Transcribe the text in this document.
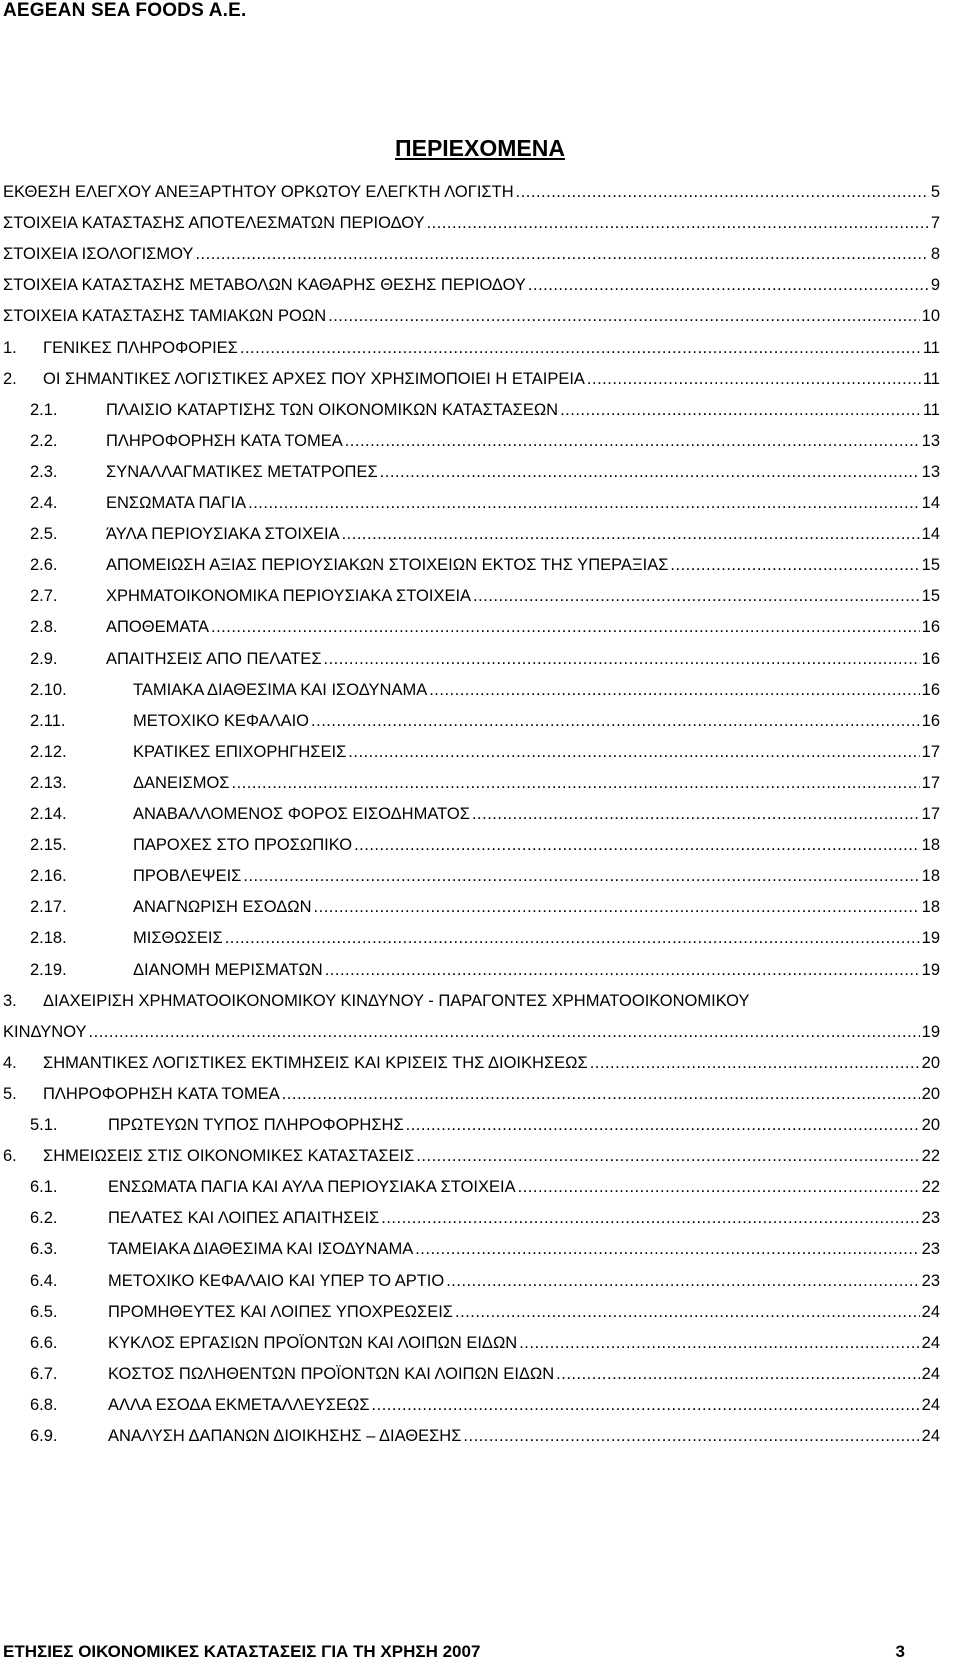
AEGEAN SEA FOODS A.E.
ΠΕΡΙΕΧΟΜΕΝΑ
ΕΚΘΕΣΗ ΕΛΕΓΧΟΥ ΑΝΕΞΑΡΤΗΤΟΥ ΟΡΚΩΤΟΥ ΕΛΕΓΚΤΗ ΛΟΓΙΣΤΗ .....	5
ΣΤΟΙΧΕΙΑ ΚΑΤΑΣΤΑΣΗΣ ΑΠΟΤΕΛΕΣΜΑΤΩΝ ΠΕΡΙΟΔΟΥ .....	7
ΣΤΟΙΧΕΙΑ ΙΣΟΛΟΓΙΣΜΟΥ .....	8
ΣΤΟΙΧΕΙΑ ΚΑΤΑΣΤΑΣΗΣ ΜΕΤΑΒΟΛΩΝ ΚΑΘΑΡΗΣ ΘΕΣΗΣ ΠΕΡΙΟΔΟΥ .....	9
ΣΤΟΙΧΕΙΑ ΚΑΤΑΣΤΑΣΗΣ ΤΑΜΙΑΚΩΝ ΡΟΩΝ .....	10
1.	ΓΕΝΙΚΕΣ ΠΛΗΡΟΦΟΡΙΕΣ .....	11
2.	ΟΙ ΣΗΜΑΝΤΙΚΕΣ ΛΟΓΙΣΤΙΚΕΣ ΑΡΧΕΣ ΠΟΥ ΧΡΗΣΙΜΟΠΟΙΕΙ Η ΕΤΑΙΡΕΙΑ .....	11
2.1.	ΠΛΑΙΣΙΟ ΚΑΤΑΡΤΙΣΗΣ ΤΩΝ ΟΙΚΟΝΟΜΙΚΩΝ ΚΑΤΑΣΤΑΣΕΩΝ .....	11
2.2.	ΠΛΗΡΟΦΟΡΗΣΗ ΚΑΤΑ ΤΟΜΕΑ .....	13
2.3.	ΣΥΝΑΛΛΑΓΜΑΤΙΚΕΣ ΜΕΤΑΤΡΟΠΕΣ .....	13
2.4.	ΕΝΣΩΜΑΤΑ ΠΑΓΙΑ .....	14
2.5.	ΆΥΛΑ ΠΕΡΙΟΥΣΙΑΚΑ ΣΤΟΙΧΕΙΑ .....	14
2.6.	ΑΠΟΜΕΙΩΣΗ ΑΞΙΑΣ ΠΕΡΙΟΥΣΙΑΚΩΝ ΣΤΟΙΧΕΙΩΝ ΕΚΤΟΣ ΤΗΣ ΥΠΕΡΑΞΙΑΣ .....	15
2.7.	ΧΡΗΜΑΤΟΙΚΟΝΟΜΙΚΑ ΠΕΡΙΟΥΣΙΑΚΑ ΣΤΟΙΧΕΙΑ .....	15
2.8.	ΑΠΟΘΕΜΑΤΑ .....	16
2.9.	ΑΠΑΙΤΗΣΕΙΣ ΑΠΟ ΠΕΛΑΤΕΣ .....	16
2.10.	ΤΑΜΙΑΚΑ ΔΙΑΘΕΣΙΜΑ ΚΑΙ ΙΣΟΔΥΝΑΜΑ .....	16
2.11.	ΜΕΤΟΧΙΚΟ ΚΕΦΑΛΑΙΟ .....	16
2.12.	ΚΡΑΤΙΚΕΣ ΕΠΙΧΟΡΗΓΗΣΕΙΣ .....	17
2.13.	ΔΑΝΕΙΣΜΟΣ .....	17
2.14.	ΑΝΑΒΑΛΛΟΜΕΝΟΣ ΦΟΡΟΣ ΕΙΣΟΔΗΜΑΤΟΣ .....	17
2.15.	ΠΑΡΟΧΕΣ ΣΤΟ ΠΡΟΣΩΠΙΚΟ .....	18
2.16.	ΠΡΟΒΛΕΨΕΙΣ .....	18
2.17.	ΑΝΑΓΝΩΡΙΣΗ ΕΣΟΔΩΝ .....	18
2.18.	ΜΙΣΘΩΣΕΙΣ .....	19
2.19.	ΔΙΑΝΟΜΗ ΜΕΡΙΣΜΑΤΩΝ .....	19
3. ΔΙΑΧΕΙΡΙΣΗ ΧΡΗΜΑΤΟΟΙΚΟΝΟΜΙΚΟΥ ΚΙΝΔΥΝΟΥ - ΠΑΡΑΓΟΝΤΕΣ ΧΡΗΜΑΤΟΟΙΚΟΝΟΜΙΚΟΥ
ΚΙΝΔΥΝΟΥ .....	19
4.	ΣΗΜΑΝΤΙΚΕΣ ΛΟΓΙΣΤΙΚΕΣ ΕΚΤΙΜΗΣΕΙΣ ΚΑΙ ΚΡΙΣΕΙΣ ΤΗΣ ΔΙΟΙΚΗΣΕΩΣ .....	20
5.	ΠΛΗΡΟΦΟΡΗΣΗ ΚΑΤΑ ΤΟΜΕΑ .....	20
5.1.	ΠΡΩΤΕΥΩΝ ΤΥΠΟΣ ΠΛΗΡΟΦΟΡΗΣΗΣ .....	20
6.	ΣΗΜΕΙΩΣΕΙΣ ΣΤΙΣ ΟΙΚΟΝΟΜΙΚΕΣ ΚΑΤΑΣΤΑΣΕΙΣ .....	22
6.1.	ΕΝΣΩΜΑΤΑ ΠΑΓΙΑ ΚΑΙ ΑΥΛΑ ΠΕΡΙΟΥΣΙΑΚΑ ΣΤΟΙΧΕΙΑ .....	22
6.2.	ΠΕΛΑΤΕΣ ΚΑΙ ΛΟΙΠΕΣ ΑΠΑΙΤΗΣΕΙΣ .....	23
6.3.	ΤΑΜΕΙΑΚΑ ΔΙΑΘΕΣΙΜΑ ΚΑΙ ΙΣΟΔΥΝΑΜΑ .....	23
6.4.	ΜΕΤΟΧΙΚΟ ΚΕΦΑΛΑΙΟ ΚΑΙ ΥΠΕΡ ΤΟ ΑΡΤΙΟ .....	23
6.5.	ΠΡΟΜΗΘΕΥΤΕΣ ΚΑΙ ΛΟΙΠΕΣ ΥΠΟΧΡΕΩΣΕΙΣ .....	24
6.6.	ΚΥΚΛΟΣ ΕΡΓΑΣΙΩΝ ΠΡΟΪΟΝΤΩΝ ΚΑΙ ΛΟΙΠΩΝ ΕΙΔΩΝ .....	24
6.7.	ΚΟΣΤΟΣ ΠΩΛΗΘΕΝΤΩΝ ΠΡΟΪΟΝΤΩΝ ΚΑΙ ΛΟΙΠΩΝ ΕΙΔΩΝ .....	24
6.8.	ΑΛΛΑ ΕΣΟΔΑ ΕΚΜΕΤΑΛΛΕΥΣΕΩΣ .....	24
6.9.	ΑΝΑΛΥΣΗ ΔΑΠΑΝΩΝ ΔΙΟΙΚΗΣΗΣ – ΔΙΑΘΕΣΗΣ .....	24
ΕΤΗΣΙΕΣ ΟΙΚΟΝΟΜΙΚΕΣ ΚΑΤΑΣΤΑΣΕΙΣ ΓΙΑ ΤΗ ΧΡΗΣΗ 2007	3
